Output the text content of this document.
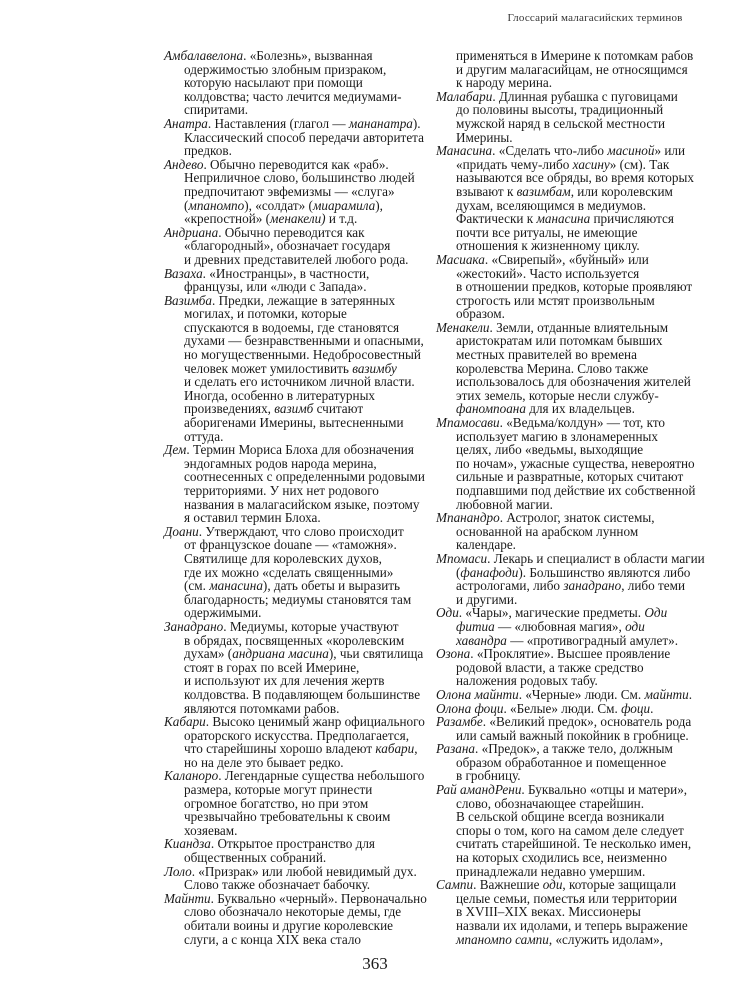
Глоссарий малагасийских терминов
Амбалавелона. «Болезнь», вызванная
одержимостью злобным призраком,
которую насылают при помощи
колдовства; часто лечится медиумами-
спиритами.
Анатра. Наставления (глагол — мананатра).
Классический способ передачи авторитета
предков.
Андево. Обычно переводится как «раб».
Неприличное слово, большинство людей
предпочитают эвфемизмы — «слуга»
(мпаномпо), «солдат» (миарамила),
«крепостной» (менакели) и т.д.
Андриана. Обычно переводится как
«благородный», обозначает государя
и древних представителей любого рода.
Вазаха. «Иностранцы», в частности,
французы, или «люди с Запада».
Вазимба. Предки, лежащие в затерянных
могилах, и потомки, которые
спускаются в водоемы, где становятся
духами — безнравственными и опасными,
но могущественными. Недобросовестный
человек может умилостивить вазимбу
и сделать его источником личной власти.
Иногда, особенно в литературных
произведениях, вазимб считают
аборигенами Имерины, вытесненными
оттуда.
Дем. Термин Мориса Блоха для обозначения
эндогамных родов народа мерина,
соотнесенных с определенными родовыми
территориями. У них нет родового
названия в малагасийском языке, поэтому
я оставил термин Блоха.
Доани. Утверждают, что слово происходит
от французское douane — «таможня».
Святилище для королевских духов,
где их можно «сделать священными»
(см. манасина), дать обеты и выразить
благодарность; медиумы становятся там
одержимыми.
Занадрано. Медиумы, которые участвуют
в обрядах, посвященных «королевским
духам» (андриана масина), чьи святилища
стоят в горах по всей Имерине,
и используют их для лечения жертв
колдовства. В подавляющем большинстве
являются потомками рабов.
Кабари. Высоко ценимый жанр официального
ораторского искусства. Предполагается,
что старейшины хорошо владеют кабари,
но на деле это бывает редко.
Каланоро. Легендарные существа небольшого
размера, которые могут принести
огромное богатство, но при этом
чрезвычайно требовательны к своим
хозяевам.
Киандза. Открытое пространство для
общественных собраний.
Лоло. «Призрак» или любой невидимый дух.
Слово также обозначает бабочку.
Майнти. Буквально «черный». Первоначально
слово обозначало некоторые демы, где
обитали воины и другие королевские
слуги, а с конца XIX века стало
применяться в Имерине к потомкам рабов
и другим малагасийцам, не относящимся
к народу мерина.
Малабари. Длинная рубашка с пуговицами
до половины высоты, традиционный
мужской наряд в сельской местности
Имерины.
Манасина. «Сделать что-либо масиной» или
«придать чему-либо хасину» (см). Так
называются все обряды, во время которых
взывают к вазимбам, или королевским
духам, вселяющимся в медиумов.
Фактически к манасина причисляются
почти все ритуалы, не имеющие
отношения к жизненному циклу.
Масиака. «Свирепый», «буйный» или
«жестокий». Часто используется
в отношении предков, которые проявляют
строгость или мстят произвольным
образом.
Менакели. Земли, отданные влиятельным
аристократам или потомкам бывших
местных правителей во времена
королевства Мерина. Слово также
использовалось для обозначения жителей
этих земель, которые несли службу-
фаномпоана для их владельцев.
Мпамосави. «Ведьма/колдун» — тот, кто
использует магию в злонамеренных
целях, либо «ведьмы, выходящие
по ночам», ужасные существа, невероятно
сильные и развратные, которых считают
подпавшими под действие их собственной
любовной магии.
Мпанандро. Астролог, знаток системы,
основанной на арабском лунном
календаре.
Мпомаси. Лекарь и специалист в области магии
(фанафоди). Большинство являются либо
астрологами, либо занадрано, либо теми
и другими.
Оди. «Чары», магические предметы. Оди
фитиа — «любовная магия», оди
хавандра — «противоградный амулет».
Озона. «Проклятие». Высшее проявление
родовой власти, а также средство
наложения родовых табу.
Олона майнти. «Черные» люди. См. майнти.
Олона фоци. «Белые» люди. См. фоци.
Разамбе. «Великий предок», основатель рода
или самый важный покойник в гробнице.
Разана. «Предок», а также тело, должным
образом обработанное и помещенное
в гробницу.
Рай амандРени. Буквально «отцы и матери»,
слово, обозначающее старейшин.
В сельской общине всегда возникали
споры о том, кого на самом деле следует
считать старейшиной. Те несколько имен,
на которых сходились все, неизменно
принадлежали недавно умершим.
Сампи. Важнешие оди, которые защищали
целые семьи, поместья или территории
в XVIII–XIX веках. Миссионеры
назвали их идолами, и теперь выражение
мпаномпо сампи, «служить идолам»,
363
